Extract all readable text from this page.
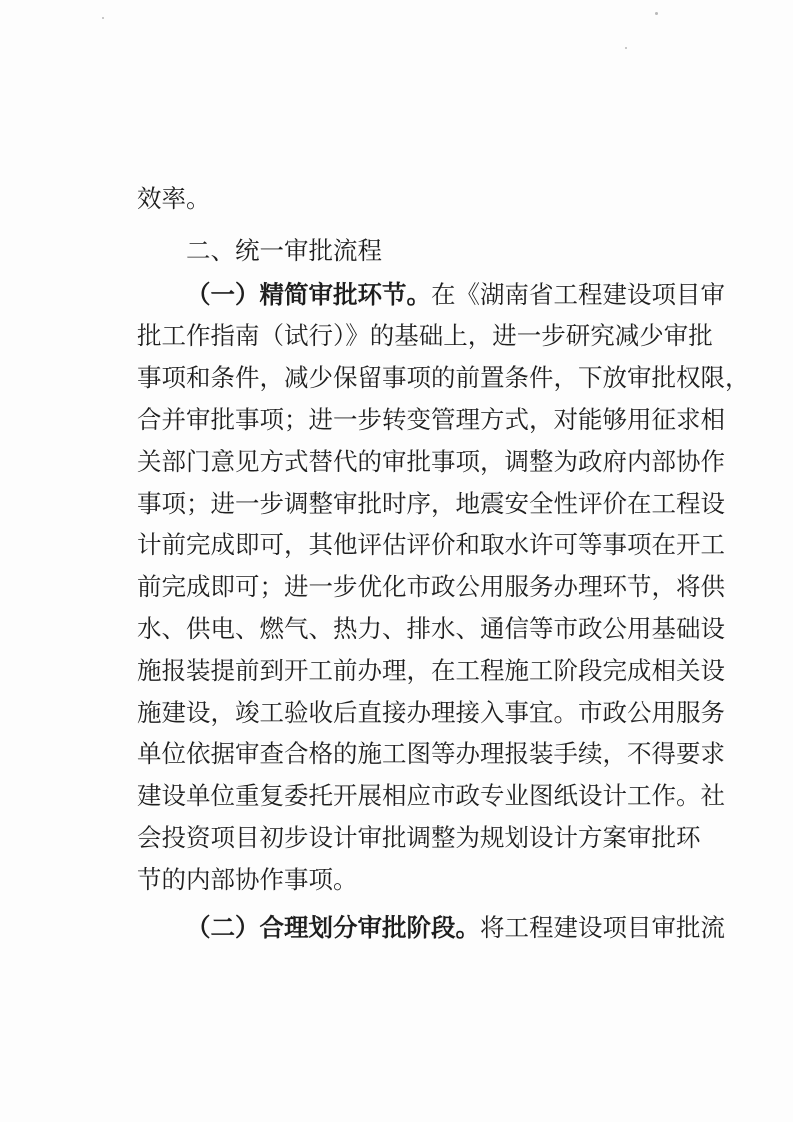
效率。
二、统一审批流程
（一）精简审批环节。在《湖南省工程建设项目审
批工作指南（试行）》的基础上，进一步研究减少审批
事项和条件，减少保留事项的前置条件，下放审批权限，
合并审批事项；进一步转变管理方式，对能够用征求相
关部门意见方式替代的审批事项，调整为政府内部协作
事项；进一步调整审批时序，地震安全性评价在工程设
计前完成即可，其他评估评价和取水许可等事项在开工
前完成即可；进一步优化市政公用服务办理环节，将供
水、供电、燃气、热力、排水、通信等市政公用基础设
施报装提前到开工前办理，在工程施工阶段完成相关设
施建设，竣工验收后直接办理接入事宜。市政公用服务
单位依据审查合格的施工图等办理报装手续，不得要求
建设单位重复委托开展相应市政专业图纸设计工作。社
会投资项目初步设计审批调整为规划设计方案审批环
节的内部协作事项。
（二）合理划分审批阶段。将工程建设项目审批流
